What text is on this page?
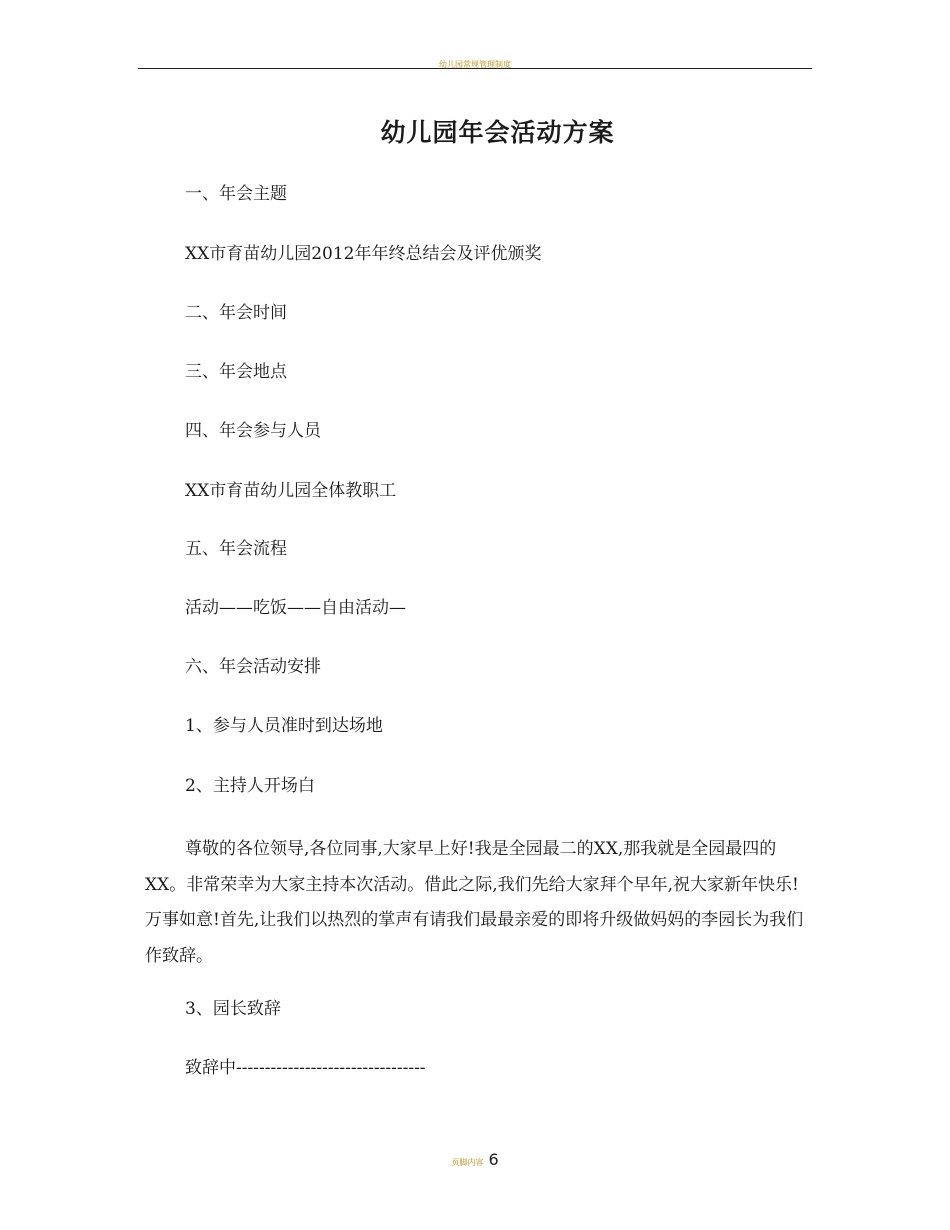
幼儿园常规管理制度
幼儿园年会活动方案

一、年会主题

XX市育苗幼儿园2012年年终总结会及评优颁奖

二、年会时间

三、年会地点

四、年会参与人员

XX市育苗幼儿园全体教职工

五、年会流程

活动——吃饭——自由活动—

六、年会活动安排

1、参与人员准时到达场地

2、主持人开场白

尊敬的各位领导,各位同事,大家早上好!我是全园最二的XX,那我就是全园最四的XX。非常荣幸为大家主持本次活动。借此之际,我们先给大家拜个早年,祝大家新年快乐!万事如意!首先,让我们以热烈的掌声有请我们最最亲爱的即将升级做妈妈的李园长为我们作致辞。

3、园长致辞

致辞中---------------------------------

页脚内容 6
